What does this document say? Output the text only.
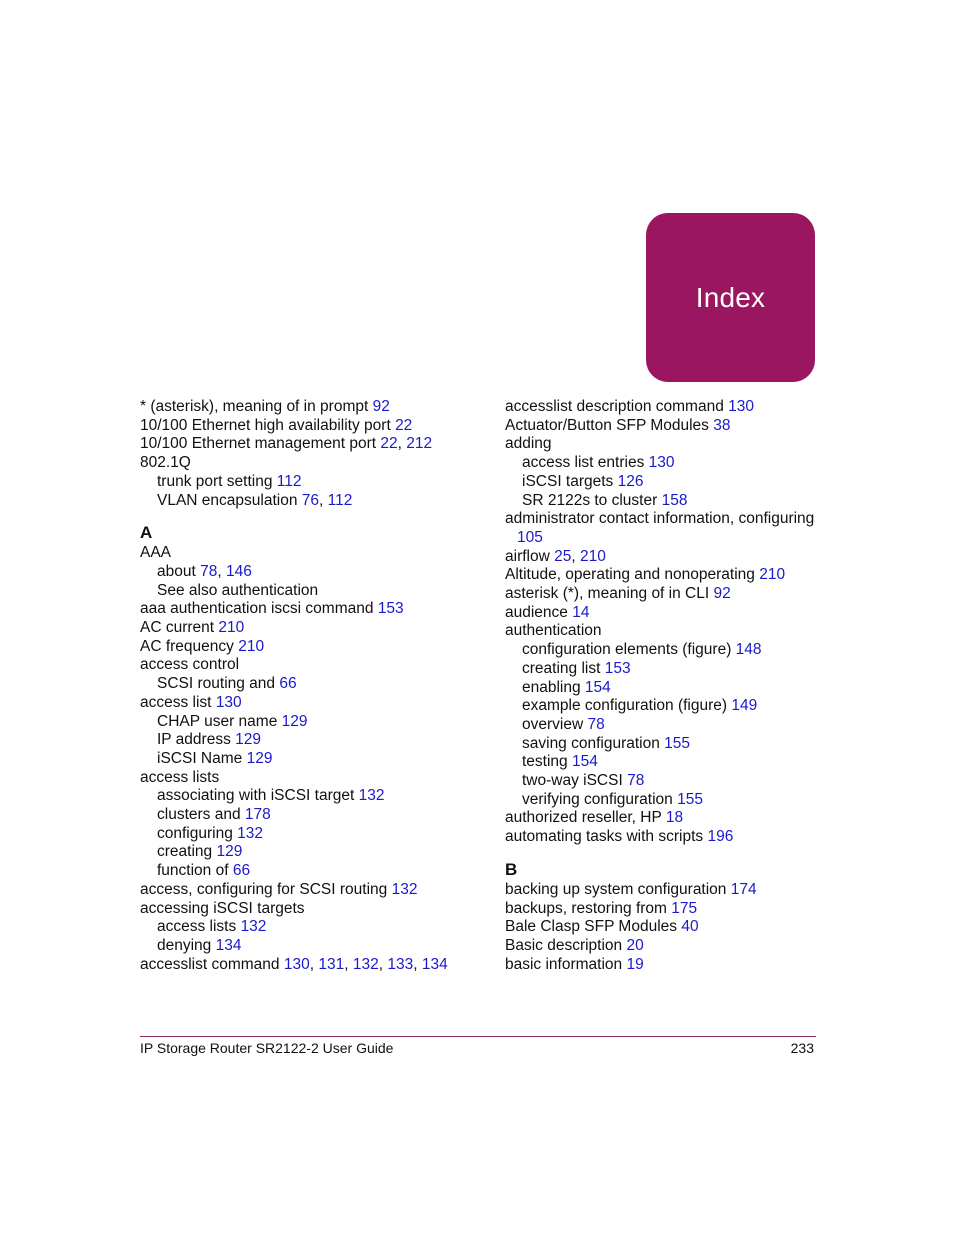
Index
* (asterisk), meaning of in prompt 92
10/100 Ethernet high availability port 22
10/100 Ethernet management port 22, 212
802.1Q
trunk port setting 112
VLAN encapsulation 76, 112
A
AAA
about 78, 146
See also authentication
aaa authentication iscsi command 153
AC current 210
AC frequency 210
access control
SCSI routing and 66
access list 130
CHAP user name 129
IP address 129
iSCSI Name 129
access lists
associating with iSCSI target 132
clusters and 178
configuring 132
creating 129
function of 66
access, configuring for SCSI routing 132
accessing iSCSI targets
access lists 132
denying 134
accesslist command 130, 131, 132, 133, 134
accesslist description command 130
Actuator/Button SFP Modules 38
adding
access list entries 130
iSCSI targets 126
SR 2122s to cluster 158
administrator contact information, configuring
105
airflow 25, 210
Altitude, operating and nonoperating 210
asterisk (*), meaning of in CLI 92
audience 14
authentication
configuration elements (figure) 148
creating list 153
enabling 154
example configuration (figure) 149
overview 78
saving configuration 155
testing 154
two-way iSCSI 78
verifying configuration 155
authorized reseller, HP 18
automating tasks with scripts 196
B
backing up system configuration 174
backups, restoring from 175
Bale Clasp SFP Modules 40
Basic description 20
basic information 19
IP Storage Router SR2122-2 User Guide	233
